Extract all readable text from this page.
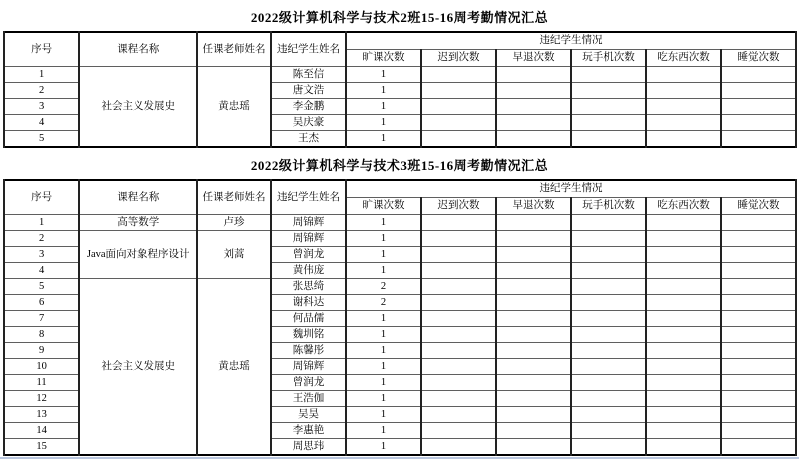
2022级计算机科学与技术2班15-16周考勤情况汇总
序号	课程名称	任课老师姓名	违纪学生姓名	违纪学生情况					
				旷课次数	迟到次数	早退次数	玩手机次数	吃东西次数	睡觉次数
1	社会主义发展史	黄忠瑶	陈至信	1					
2			唐文浩	1					
3			李金鹏	1					
4			吴庆豪	1					
5			王杰	1					
2022级计算机科学与技术3班15-16周考勤情况汇总
序号	课程名称	任课老师姓名	违纪学生姓名	违纪学生情况					
				旷课次数	迟到次数	早退次数	玩手机次数	吃东西次数	睡觉次数
1	高等数学	卢珍	周锦辉	1					
2	Java面向对象程序设计	刘蒿	周锦辉	1					
3			曾润龙	1					
4			黄伟庞	1					
5	社会主义发展史	黄忠瑶	张思绮	2					
6			谢科达	2					
7			何品儒	1					
8			魏圳铭	1					
9			陈馨彤	1					
10			周锦辉	1					
11			曾润龙	1					
12			王浩伽	1					
13			吴昊	1					
14			李惠艳	1					
15			周思玮	1					
